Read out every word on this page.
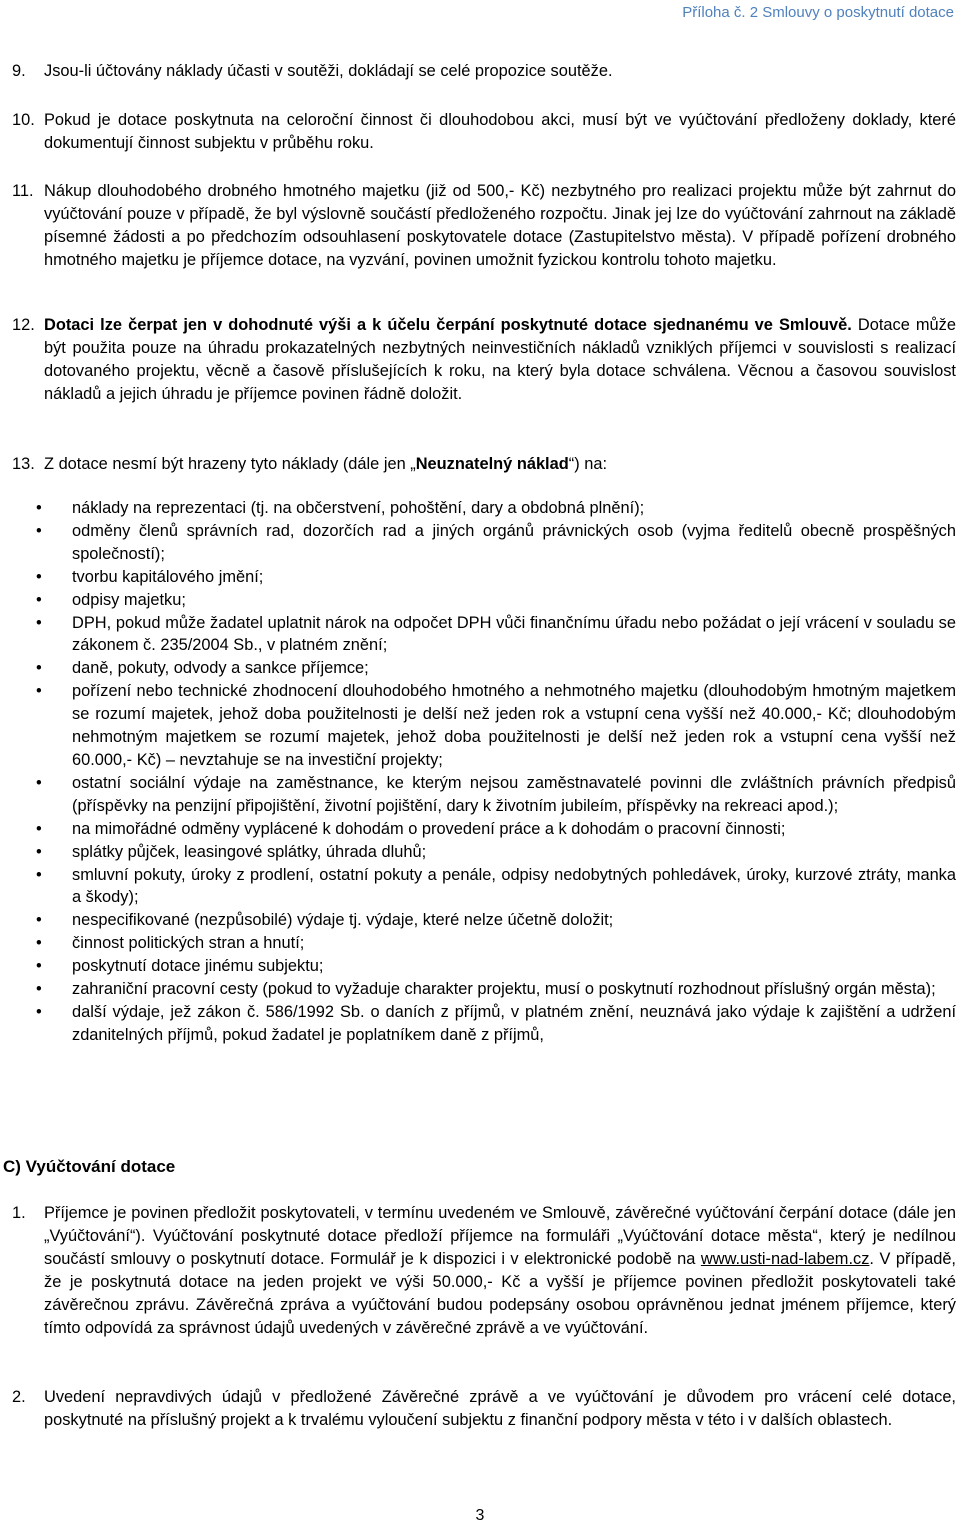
Příloha č. 2 Smlouvy o poskytnutí dotace
9. Jsou-li účtovány náklady účasti v soutěži, dokládají se celé propozice soutěže.
10. Pokud je dotace poskytnuta na celoroční činnost či dlouhodobou akci, musí být ve vyúčtování předloženy doklady, které dokumentují činnost subjektu v průběhu roku.
11. Nákup dlouhodobého drobného hmotného majetku (již od 500,- Kč) nezbytného pro realizaci projektu může být zahrnut do vyúčtování pouze v případě, že byl výslovně součástí předloženého rozpočtu. Jinak jej lze do vyúčtování zahrnout na základě písemné žádosti a po předchozím odsouhlasení poskytovatele dotace (Zastupitelstvo města). V případě pořízení drobného hmotného majetku je příjemce dotace, na vyzvání, povinen umožnit fyzickou kontrolu tohoto majetku.
12. Dotaci lze čerpat jen v dohodnuté výši a k účelu čerpání poskytnuté dotace sjednanému ve Smlouvě. Dotace může být použita pouze na úhradu prokazatelných nezbytných neinvestičních nákladů vzniklých příjemci v souvislosti s realizací dotovaného projektu, věcně a časově příslušejících k roku, na který byla dotace schválena. Věcnou a časovou souvislost nákladů a jejich úhradu je příjemce povinen řádně doložit.
13. Z dotace nesmí být hrazeny tyto náklady (dále jen „Neuznatelný náklad“) na:
• náklady na reprezentaci (tj. na občerstvení, pohoštění, dary a obdobná plnění);
• odměny členů správních rad, dozorčích rad a jiných orgánů právnických osob (vyjma ředitelů obecně prospěšných společností);
• tvorbu kapitálového jmění;
• odpisy majetku;
• DPH, pokud může žadatel uplatnit nárok na odpočet DPH vůči finančnímu úřadu nebo požádat o její vrácení v souladu se zákonem č. 235/2004 Sb., v platném znění;
• daně, pokuty, odvody a sankce příjemce;
• pořízení nebo technické zhodnocení dlouhodobého hmotného a nehmotného majetku (dlouhodobým hmotným majetkem se rozumí majetek, jehož doba použitelnosti je delší než jeden rok a vstupní cena vyšší než 40.000,- Kč; dlouhodobým nehmotným majetkem se rozumí majetek, jehož doba použitelnosti je delší než jeden rok a vstupní cena vyšší než 60.000,- Kč) – nevztahuje se na investiční projekty;
• ostatní sociální výdaje na zaměstnance, ke kterým nejsou zaměstnavatelé povinni dle zvláštních právních předpisů (příspěvky na penzijní připojištění, životní pojištění, dary k životním jubileím, příspěvky na rekreaci apod.);
• na mimořádné odměny vyplácené k dohodám o provedení práce a k dohodám o pracovní činnosti;
• splátky půjček, leasingové splátky, úhrada dluhů;
• smluvní pokuty, úroky z prodlení, ostatní pokuty a penále, odpisy nedobytných pohledávek, úroky, kurzové ztráty, manka a škody);
• nespecifikované (nezpůsobilé) výdaje tj. výdaje, které nelze účetně doložit;
• činnost politických stran a hnutí;
• poskytnutí dotace jinému subjektu;
• zahraniční pracovní cesty (pokud to vyžaduje charakter projektu, musí o poskytnutí rozhodnout příslušný orgán města);
• další výdaje, jež zákon č. 586/1992 Sb. o daních z příjmů, v platném znění, neuznává jako výdaje k zajištění a udržení zdanitelných příjmů, pokud žadatel je poplatníkem daně z příjmů,
C) Vyúčtování dotace
1. Příjemce je povinen předložit poskytovateli, v termínu uvedeném ve Smlouvě, závěrečné vyúčtování čerpání dotace (dále jen „Vyúčtování“). Vyúčtování poskytnuté dotace předloží příjemce na formuláři „Vyúčtování dotace města“, který je nedílnou součástí smlouvy o poskytnutí dotace. Formulář je k dispozici i v elektronické podobě na www.usti-nad-labem.cz. V případě, že je poskytnutá dotace na jeden projekt ve výši 50.000,- Kč a vyšší je příjemce povinen předložit poskytovateli také závěrečnou zprávu. Závěrečná zpráva a vyúčtování budou podepsány osobou oprávněnou jednat jménem příjemce, který tímto odpovídá za správnost údajů uvedených v závěrečné zprávě a ve vyúčtování.
2. Uvedení nepravdivých údajů v předložené Závěrečné zprávě a ve vyúčtování je důvodem pro vrácení celé dotace, poskytnuté na příslušný projekt a k trvalému vyloučení subjektu z finanční podpory města v této i v dalších oblastech.
3
